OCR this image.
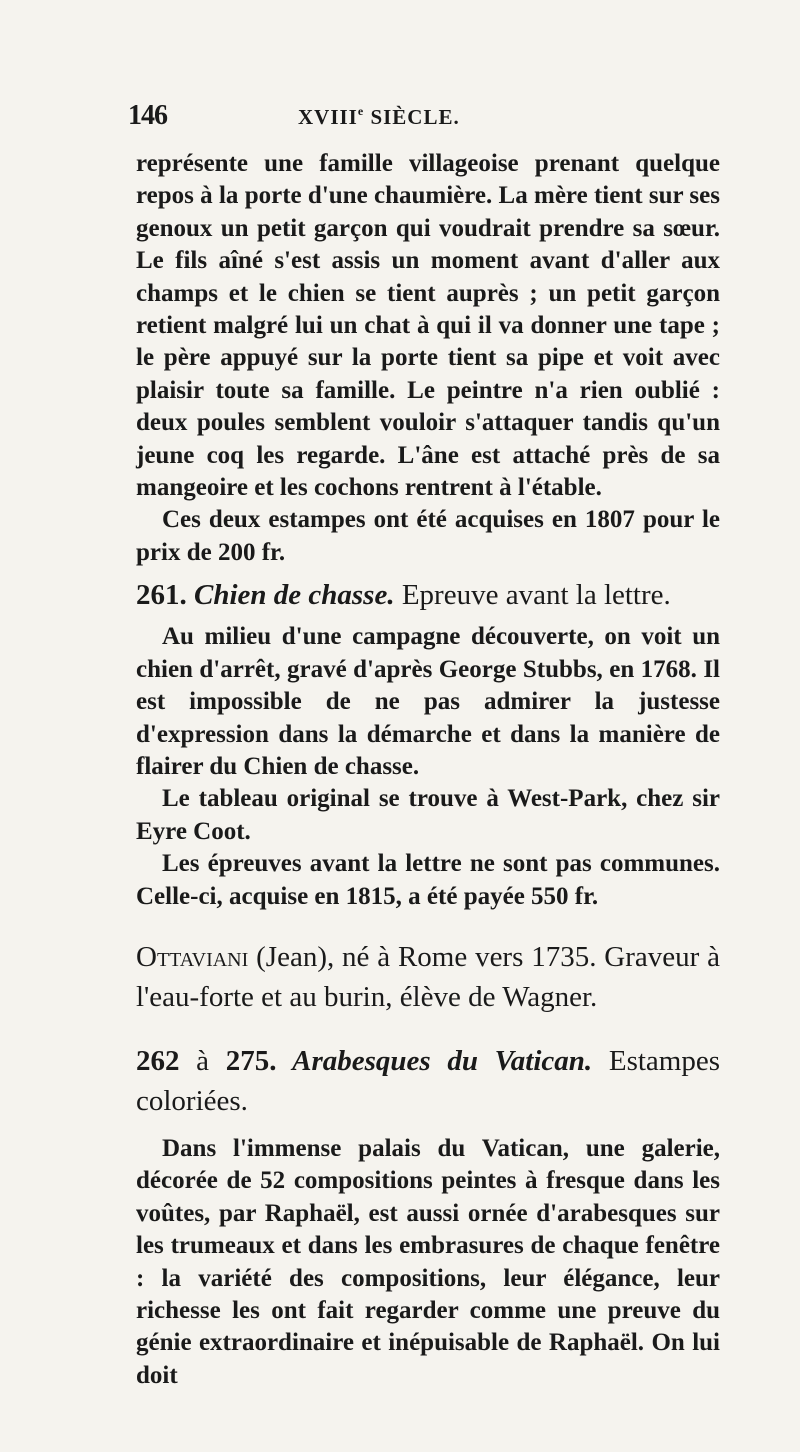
146	XVIIIe SIÈCLE.

représente une famille villageoise prenant quelque repos à la porte d'une chaumière. La mère tient sur ses genoux un petit garçon qui voudrait prendre sa sœur. Le fils aîné s'est assis un moment avant d'aller aux champs et le chien se tient auprès ; un petit garçon retient malgré lui un chat à qui il va donner une tape ; le père appuyé sur la porte tient sa pipe et voit avec plaisir toute sa famille. Le peintre n'a rien oublié : deux poules semblent vouloir s'attaquer tandis qu'un jeune coq les regarde. L'âne est attaché près de sa mangeoire et les cochons rentrent à l'étable.

Ces deux estampes ont été acquises en 1807 pour le prix de 200 fr.

261. Chien de chasse. Epreuve avant la lettre.

Au milieu d'une campagne découverte, on voit un chien d'arrêt, gravé d'après George Stubbs, en 1768. Il est impossible de ne pas admirer la justesse d'expression dans la démarche et dans la manière de flairer du Chien de chasse.

Le tableau original se trouve à West-Park, chez sir Eyre Coot.

Les épreuves avant la lettre ne sont pas communes. Celle-ci, acquise en 1815, a été payée 550 fr.

Ottaviani (Jean), né à Rome vers 1735. Graveur à l'eau-forte et au burin, élève de Wagner.

262 à 275. Arabesques du Vatican. Estampes coloriées.

Dans l'immense palais du Vatican, une galerie, décorée de 52 compositions peintes à fresque dans les voûtes, par Raphaël, est aussi ornée d'arabesques sur les trumeaux et dans les embrasures de chaque fenêtre : la variété des compositions, leur élégance, leur richesse les ont fait regarder comme une preuve du génie extraordinaire et inépuisable de Raphaël. On lui doit
